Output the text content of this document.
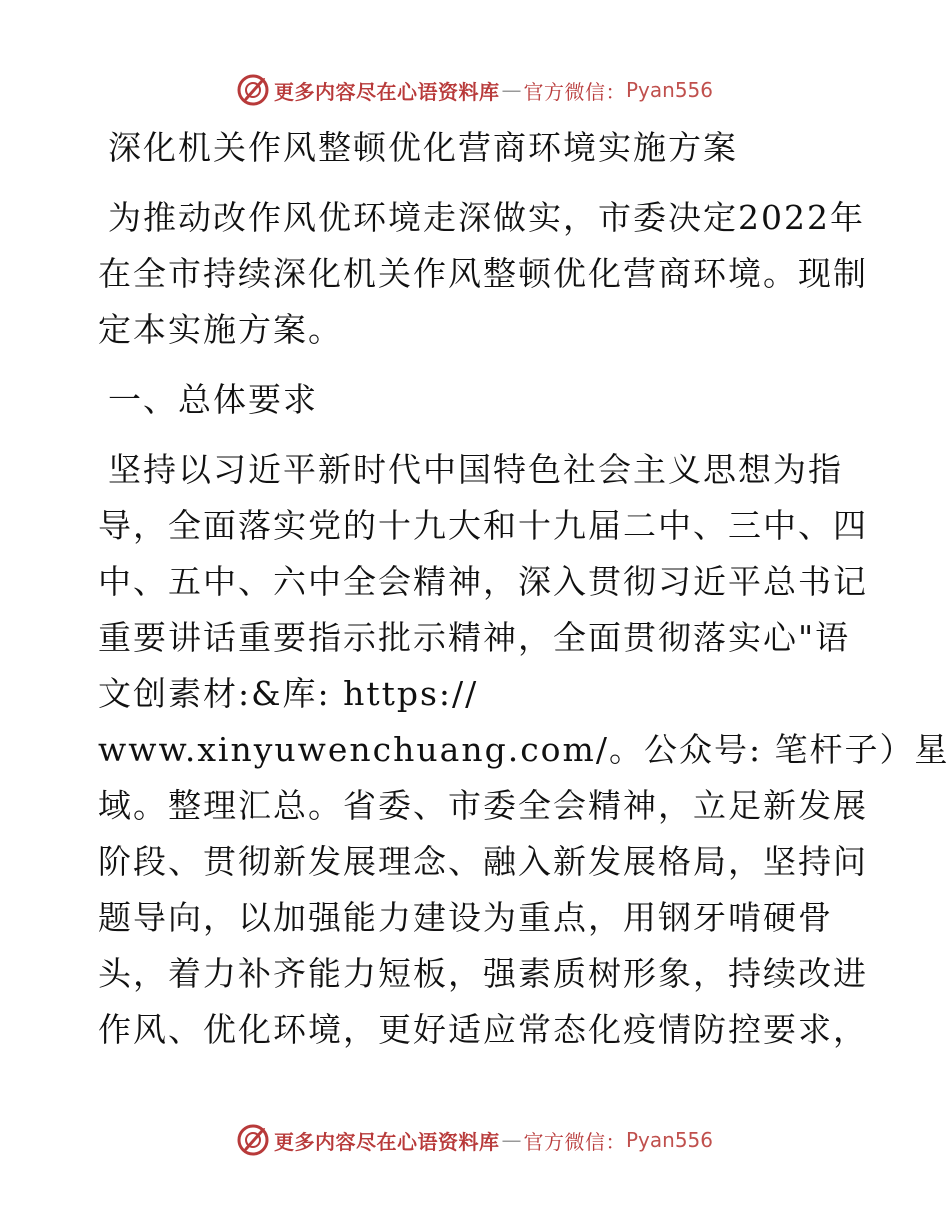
更多内容尽在心语资料库 — 官方微信： Pyan556
深化机关作风整顿优化营商环境实施方案
为推动改作风优环境走深做实，市委决定2022年
在全市持续深化机关作风整顿优化营商环境。现制
定本实施方案。
一、总体要求
坚持以习近平新时代中国特色社会主义思想为指
导，全面落实党的十九大和十九届二中、三中、四
中、五中、六中全会精神，深入贯彻习近平总书记
重要讲话重要指示批示精神，全面贯彻落实心"语
文创素材:&库: https://
www.xinyuwenchuang.com/。公众号: 笔杆子）星
域。整理汇总。省委、市委全会精神，立足新发展
阶段、贯彻新发展理念、融入新发展格局，坚持问
题导向，以加强能力建设为重点，用钢牙啃硬骨
头，着力补齐能力短板，强素质树形象，持续改进
作风、优化环境，更好适应常态化疫情防控要求，
更多内容尽在心语资料库 — 官方微信： Pyan556
